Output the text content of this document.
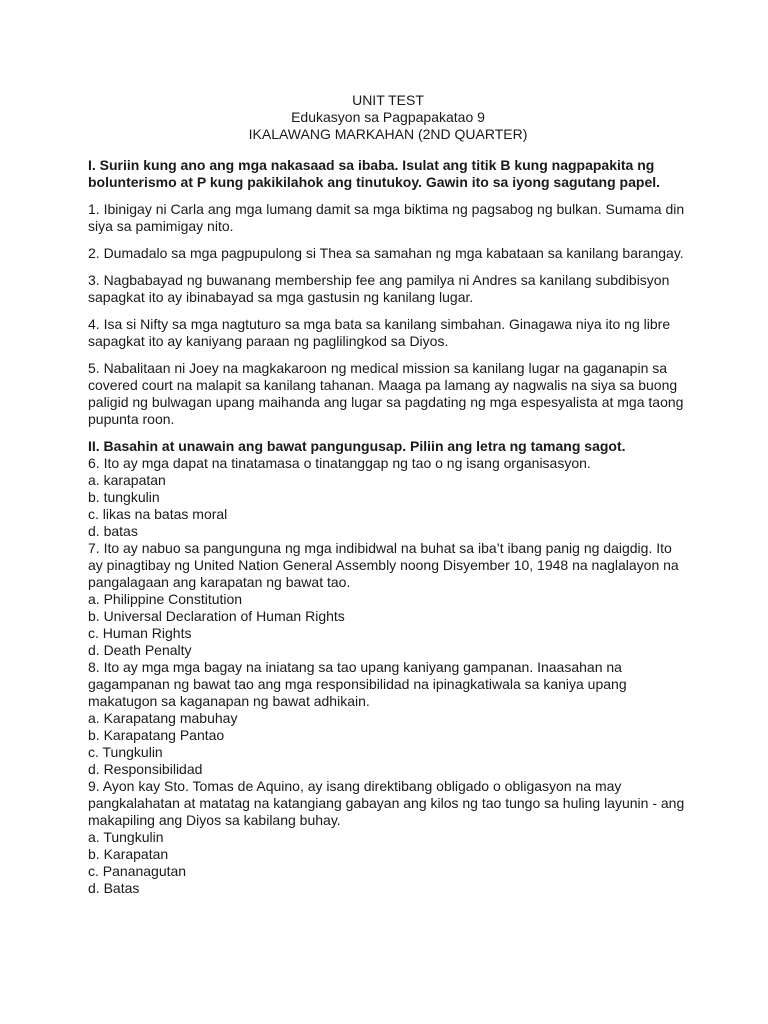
UNIT TEST
Edukasyon sa Pagpapakatao 9
IKALAWANG MARKAHAN (2ND QUARTER)

I. Suriin kung ano ang mga nakasaad sa ibaba. Isulat ang titik B kung nagpapakita ng bolunterismo at P kung pakikilahok ang tinutukoy. Gawin ito sa iyong sagutang papel.

1. Ibinigay ni Carla ang mga lumang damit sa mga biktima ng pagsabog ng bulkan. Sumama din siya sa pamimigay nito.

2. Dumadalo sa mga pagpupulong si Thea sa samahan ng mga kabataan sa kanilang barangay.

3. Nagbabayad ng buwanang membership fee ang pamilya ni Andres sa kanilang subdibisyon sapagkat ito ay ibinabayad sa mga gastusin ng kanilang lugar.

4. Isa si Nifty sa mga nagtuturo sa mga bata sa kanilang simbahan. Ginagawa niya ito ng libre sapagkat ito ay kaniyang paraan ng paglilingkod sa Diyos.

5. Nabalitaan ni Joey na magkakaroon ng medical mission sa kanilang lugar na gaganapin sa covered court na malapit sa kanilang tahanan. Maaga pa lamang ay nagwalis na siya sa buong paligid ng bulwagan upang maihanda ang lugar sa pagdating ng mga espesyalista at mga taong pupunta roon.

II. Basahin at unawain ang bawat pangungusap. Piliin ang letra ng tamang sagot.

6. Ito ay mga dapat na tinatamasa o tinatanggap ng tao o ng isang organisasyon.

a. karapatan

b. tungkulin

c. likas na batas moral

d. batas

7. Ito ay nabuo sa pangunguna ng mga indibidwal na buhat sa iba’t ibang panig ng daigdig. Ito ay pinagtibay ng United Nation General Assembly noong Disyember 10, 1948 na naglalayon na pangalagaan ang karapatan ng bawat tao.

a. Philippine Constitution

b. Universal Declaration of Human Rights

c. Human Rights

d. Death Penalty

8. Ito ay mga mga bagay na iniatang sa tao upang kaniyang gampanan. Inaasahan na gagampanan ng bawat tao ang mga responsibilidad na ipinagkatiwala sa kaniya upang makatugon sa kaganapan ng bawat adhikain.

a. Karapatang mabuhay

b. Karapatang Pantao

c. Tungkulin

d. Responsibilidad

9. Ayon kay Sto. Tomas de Aquino, ay isang direktibang obligado o obligasyon na may pangkalahatan at matatag na katangiang gabayan ang kilos ng tao tungo sa huling layunin - ang makapiling ang Diyos sa kabilang buhay.

a. Tungkulin

b. Karapatan

c. Pananagutan

d. Batas
